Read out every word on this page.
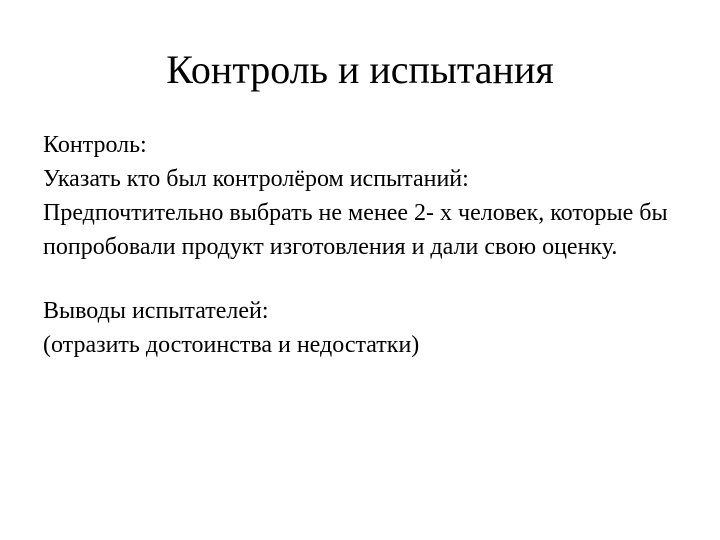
Контроль и испытания
Контроль:
Указать кто был контролёром испытаний:
Предпочтительно выбрать не менее 2- х человек, которые бы
попробовали продукт изготовления и дали свою оценку.
Выводы испытателей:
(отразить достоинства и недостатки)
